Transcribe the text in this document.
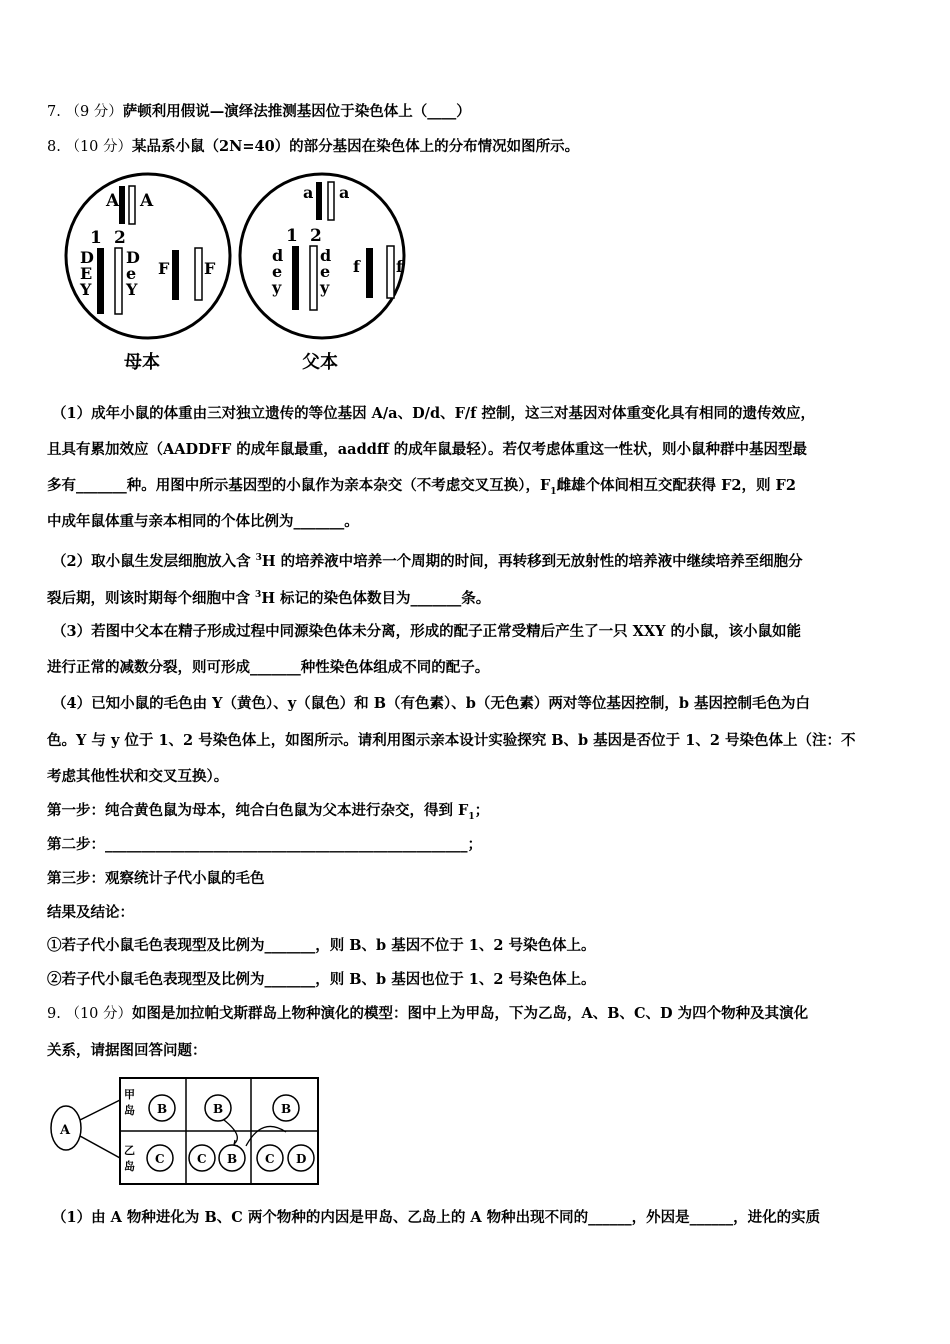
7. （9 分）萨顿利用假说—演绎法推测基因位于染色体上（____）
8. （10 分）某品系小鼠（2N=40）的部分基因在染色体上的分布情况如图所示。
A A
1 2
D
E
Y
D
e
Y
F F
a a
1 2
d
e
y
d
e
y
f f
母本	父本
（1）成年小鼠的体重由三对独立遗传的等位基因 A/a、D/d、F/f 控制，这三对基因对体重变化具有相同的遗传效应，
且具有累加效应（AADDFF 的成年鼠最重，aaddff 的成年鼠最轻）。若仅考虑体重这一性状，则小鼠种群中基因型最
多有_______种。用图中所示基因型的小鼠作为亲本杂交（不考虑交叉互换），$F_1$雌雄个体间相互交配获得 F2，则 F2
中成年鼠体重与亲本相同的个体比例为_______。
（2）取小鼠生发层细胞放入含 $^3$H 的培养液中培养一个周期的时间，再转移到无放射性的培养液中继续培养至细胞分
裂后期，则该时期每个细胞中含 $^3$H 标记的染色体数目为_______条。
（3）若图中父本在精子形成过程中同源染色体未分离，形成的配子正常受精后产生了一只 XXY 的小鼠，该小鼠如能
进行正常的减数分裂，则可形成_______种性染色体组成不同的配子。
（4）已知小鼠的毛色由 Y（黄色）、y（鼠色）和 B（有色素）、b（无色素）两对等位基因控制，b 基因控制毛色为白
色。Y 与 y 位于 1、2 号染色体上，如图所示。请利用图示亲本设计实验探究 B、b 基因是否位于 1、2 号染色体上（注：不
考虑其他性状和交叉互换）。
第一步：纯合黄色鼠为母本，纯合白色鼠为父本进行杂交，得到 $F_1$；
第二步：__________________________________________________；
第三步：观察统计子代小鼠的毛色
结果及结论：
①若子代小鼠毛色表现型及比例为_______，则 B、b 基因不位于 1、2 号染色体上。
②若子代小鼠毛色表现型及比例为_______，则 B、b 基因也位于 1、2 号染色体上。
9. （10 分）如图是加拉帕戈斯群岛上物种演化的模型：图中上为甲岛，下为乙岛，A、B、C、D 为四个物种及其演化
关系，请据图回答问题：
A
甲
岛
乙
岛
B	B	B
C	C B C D
（1）由 A 物种进化为 B、C 两个物种的内因是甲岛、乙岛上的 A 物种出现不同的______，外因是______，进化的实质
